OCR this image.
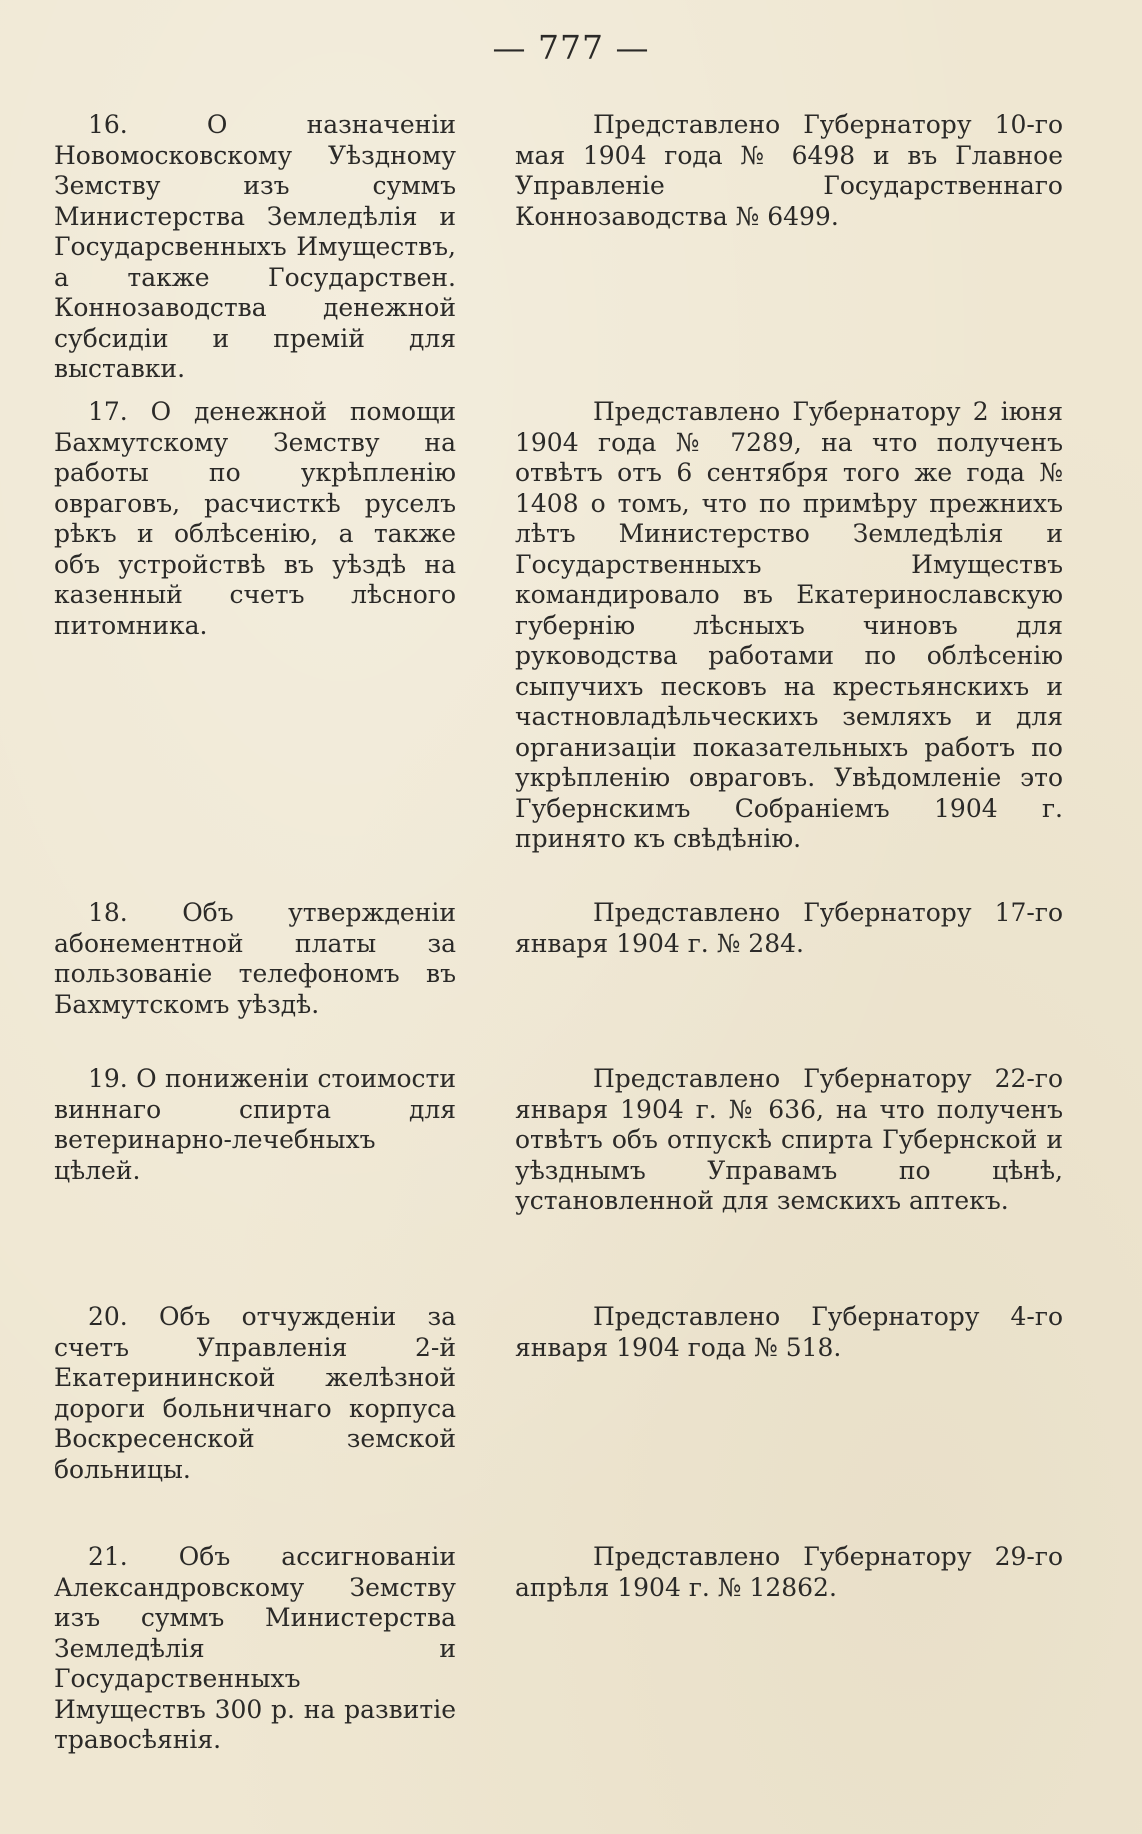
— 777 —
16. О назначеніи Новомосковскому Уѣздному Земству изъ суммъ Министерства Земледѣлія и Государсвенныхъ Имуществъ, а также Государствен. Коннозаводства денежной субсидіи и премій для выставки.
Представлено Губернатору 10-го мая 1904 года № 6498 и въ Главное Управленіе Государственнаго Коннозаводства № 6499.
17. О денежной помощи Бахмутскому Земству на работы по укрѣпленію овраговъ, расчисткѣ руселъ рѣкъ и облѣсенію, а также объ устройствѣ въ уѣздѣ на казенный счетъ лѣсного питомника.
Представлено Губернатору 2 іюня 1904 года № 7289, на что полученъ отвѣтъ отъ 6 сентября того же года № 1408 о томъ, что по примѣру прежнихъ лѣтъ Министерство Земледѣлія и Государственныхъ Имуществъ командировало въ Екатеринославскую губернію лѣсныхъ чиновъ для руководства работами по облѣсенію сыпучихъ песковъ на крестьянскихъ и частновладѣльческихъ земляхъ и для организаціи показательныхъ работъ по укрѣпленію овраговъ. Увѣдомленіе это Губернскимъ Собраніемъ 1904 г. принято къ свѣдѣнію.
18. Объ утвержденіи абонементной платы за пользованіе телефономъ въ Бахмутскомъ уѣздѣ.
Представлено Губернатору 17-го января 1904 г. № 284.
19. О пониженіи стоимости виннаго спирта для ветеринарно-лечебныхъ цѣлей.
Представлено Губернатору 22-го января 1904 г. № 636, на что полученъ отвѣтъ объ отпускѣ спирта Губернской и уѣзднымъ Управамъ по цѣнѣ, установленной для земскихъ аптекъ.
20. Объ отчужденіи за счетъ Управленія 2-й Екатерининской желѣзной дороги больничнаго корпуса Воскресенской земской больницы.
Представлено Губернатору 4-го января 1904 года № 518.
21. Объ ассигнованіи Александровскому Земству изъ суммъ Министерства Земледѣлія и Государственныхъ Имуществъ 300 р. на развитіе травосѣянія.
Представлено Губернатору 29-го апрѣля 1904 г. № 12862.
